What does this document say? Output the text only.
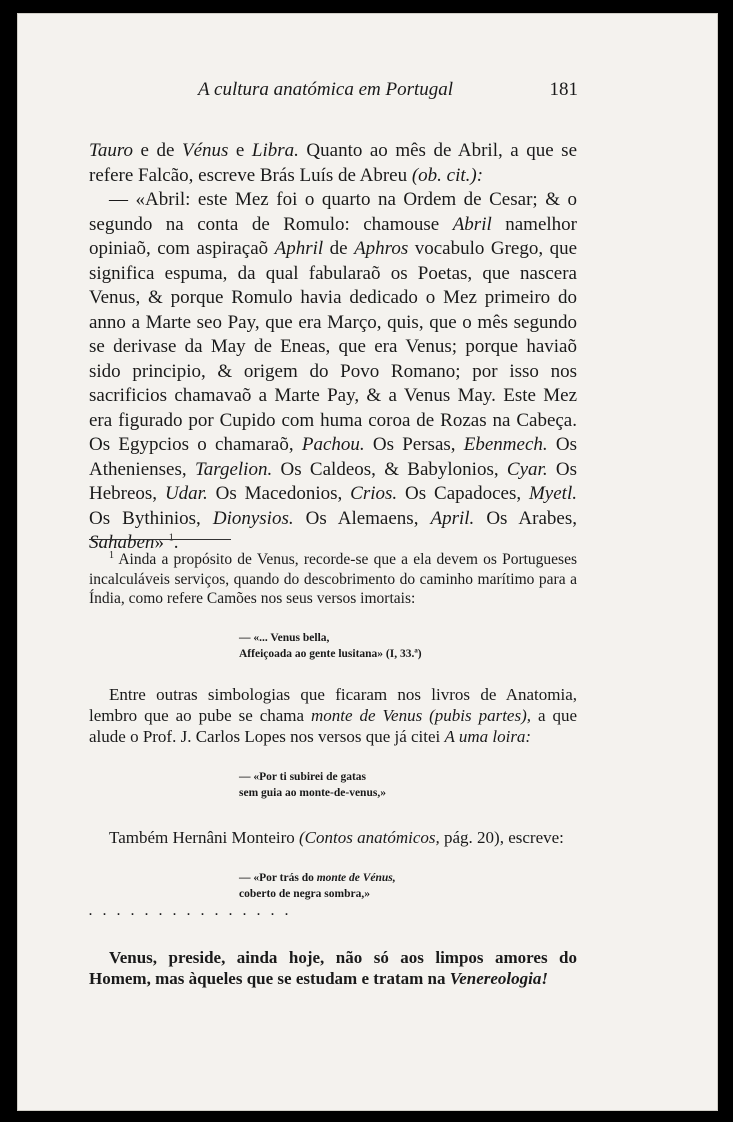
A cultura anatómica em Portugal	181

Tauro e de Vénus e Libra. Quanto ao mês de Abril, a que se refere Falcão, escreve Brás Luís de Abreu (ob. cit.):

— «Abril: este Mez foi o quarto na Ordem de Cesar; & o segundo na conta de Romulo: chamouse Abril namelhor opiniaõ, com aspiraçaõ Aphril de Aphros vocabulo Grego, que significa espuma, da qual fabularaõ os Poetas, que nascera Venus, & porque Romulo havia dedicado o Mez primeiro do anno a Marte seo Pay, que era Março, quis, que o mês segundo se derivase da May de Eneas, que era Venus; porque haviaõ sido principio, & origem do Povo Romano; por isso nos sacrificios chamavaõ a Marte Pay, & a Venus May. Este Mez era figurado por Cupido com huma coroa de Rozas na Cabeça. Os Egypcios o chamaraõ, Pachou. Os Persas, Ebenmech. Os Athenienses, Targelion. Os Caldeos, & Babylonios, Cyar. Os Hebreos, Udar. Os Macedonios, Crios. Os Capadoces, Myetl. Os Bythinios, Dionysios. Os Alemaens, April. Os Arabes, Sahaben» $^1$.

$^1$ Ainda a propósito de Venus, recorde-se que a ela devem os Portugueses incalculáveis serviços, quando do descobrimento do caminho marítimo para a Índia, como refere Camões nos seus versos imortais:

— «... Venus bella,

Affeiçoada ao gente lusitana» (I, 33.ª)

Entre outras simbologias que ficaram nos livros de Anatomia, lembro que ao pube se chama monte de Venus (pubis partes), a que alude o Prof. J. Carlos Lopes nos versos que já citei A uma loira:

— «Por ti subirei de gatas

sem guia ao monte-de-venus,»

Também Hernâni Monteiro (Contos anatómicos, pág. 20), escreve:

— «Por trás do monte de Vénus,

coberto de negra sombra,»

. . . . . . . . . . . . . . .

Venus, preside, ainda hoje, não só aos limpos amores do Homem, mas àqueles que se estudam e tratam na Venereologia!
